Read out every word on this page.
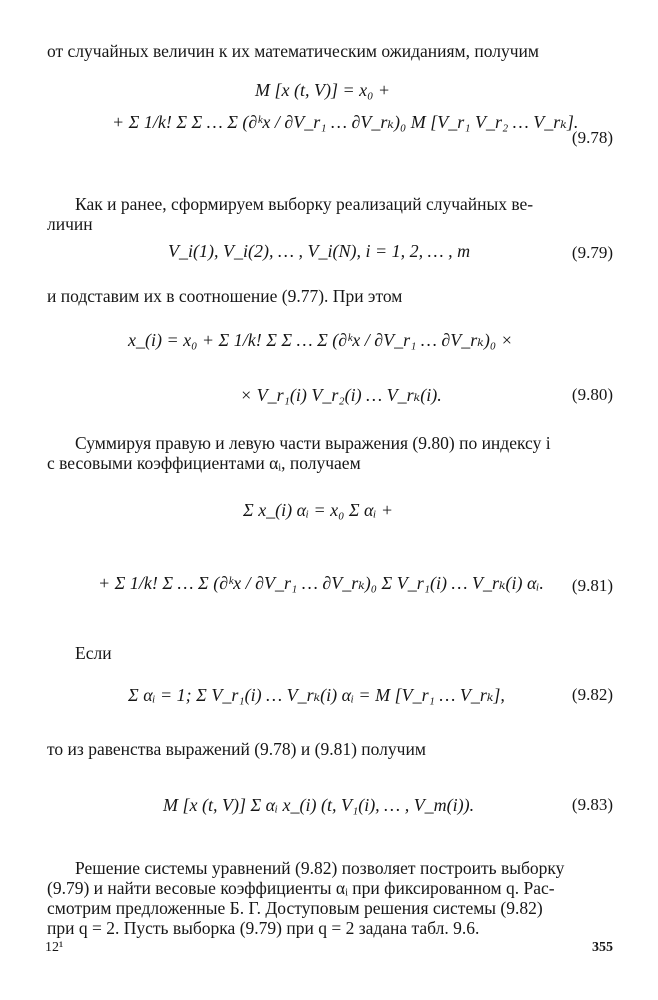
от случайных величин к их математическим ожиданиям, получим
M [x (t, V)] = x₀ +
+ Σ 1/k! Σ Σ … Σ (∂ᵏx / ∂V_r₁ … ∂V_rₖ)₀ M [V_r₁ V_r₂ … V_rₖ].
(9.78)
Как и ранее, сформируем выборку реализаций случайных ве-
личин
V_i(1), V_i(2), … , V_i(N), i = 1, 2, … , m	(9.79)
и подставим их в соотношение (9.77). При этом
x_(i) = x₀ + Σ 1/k! Σ Σ … Σ (∂ᵏx / ∂V_r₁ … ∂V_rₖ)₀ ×
× V_r₁(i) V_r₂(i) … V_rₖ(i).	(9.80)
Суммируя правую и левую части выражения (9.80) по индексу i
с весовыми коэффициентами αᵢ, получаем
Σ x_(i) αᵢ = x₀ Σ αᵢ +
+ Σ 1/k! Σ … Σ (∂ᵏx / ∂V_r₁ … ∂V_rₖ)₀ Σ V_r₁(i) … V_rₖ(i) αᵢ. (9.81)
Если
Σ αᵢ = 1; Σ V_r₁(i) … V_rₖ(i) αᵢ = M [V_r₁ … V_rₖ],	(9.82)
то из равенства выражений (9.78) и (9.81) получим
M [x (t, V)] Σ αᵢ x_(i) (t, V₁(i), … , V_m(i)).	(9.83)
Решение системы уравнений (9.82) позволяет построить выборку
(9.79) и найти весовые коэффициенты αᵢ при фиксированном q. Рас-
смотрим предложенные Б. Г. Доступовым решения системы (9.82)
при q = 2. Пусть выборка (9.79) при q = 2 задана табл. 9.6.
12¹	355
